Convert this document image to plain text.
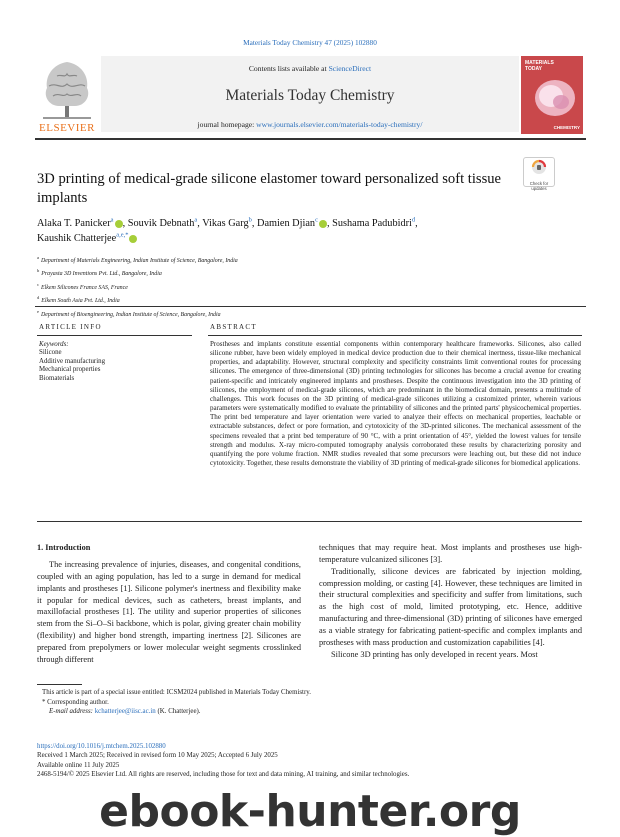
Materials Today Chemistry 47 (2025) 102880
ELSEVIER
Contents lists available at ScienceDirect
Materials Today Chemistry
journal homepage: www.journals.elsevier.com/materials-today-chemistry/
MATERIALS
TODAY
CHEMISTRY
3D printing of medical-grade silicone elastomer toward personalized soft tissue implants
Check for updates
Alaka T. Panicker$^a$ , Souvik Debnath$^a$, Vikas Garg$^b$, Damien Djian$^c$ , Sushama Padubidri$^d$,
Kaushik Chatterjee$^{a,e,*}$
$^a$Department of Materials Engineering, Indian Institute of Science, Bangalore, India
$^b$Prayasta 3D Inventions Pvt. Ltd., Bangalore, India
$^c$Elkem Silicones France SAS, France
$^d$Elkem South Asia Pvt. Ltd., India
$^e$Department of Bioengineering, Indian Institute of Science, Bangalore, India
ARTICLE INFO	ABSTRACT
Keywords:
Silicone
Additive manufacturing
Mechanical properties
Biomaterials
Prostheses and implants constitute essential components within contemporary healthcare frameworks. Silicones, also called silicone rubber, have been widely employed in medical device production due to their chemical inertness, tissue-like mechanical properties, and adaptability. However, structural complexity and specificity constraints limit conventional routes for processing silicones. The emergence of three-dimensional (3D) printing technologies for silicones has become a crucial avenue for creating patient-specific and intricately engineered implants and prostheses. Despite the continuous investigation into the 3D printing of silicones, the employment of medical-grade silicones, which are predominant in the biomedical domain, presents a multitude of challenges. This work focuses on the 3D printing of medical-grade silicones utilizing a customized printer, wherein various parameters were systematically modified to evaluate the printability of silicones and the printed parts' physicochemical properties. The print bed temperature and layer orientation were varied to analyze their effects on mechanical properties, leachable or extractable substances, defect or pore formation, and cytotoxicity of the 3D-printed silicones. The mechanical assessment of the specimens revealed that a print bed temperature of 90 °C, with a print orientation of 45°, yielded the lowest values for tensile strength and modulus. X-ray micro-computed tomography analysis corroborated these results by characterizing porosity and quantifying the pore volume fraction. NMR studies revealed that some precursors were leaching out, but these did not induce cytotoxicity. Together, these results demonstrate the viability of 3D printing of medical-grade silicones for biomedical applications.
1. Introduction

The increasing prevalence of injuries, diseases, and congenital conditions, coupled with an aging population, has led to a surge in demand for medical implants and prostheses [1]. Silicone polymer's inertness and flexibility make it popular for medical devices, such as catheters, breast implants, and maxillofacial prostheses [1]. The utility and superior properties of silicones stem from the Si–O–Si backbone, which is polar, giving greater chain mobility (flexibility) and higher bond strength, imparting inertness [2]. Silicones are prepared from prepolymers or lower molecular weight segments crosslinked through different

techniques that may require heat. Most implants and prostheses use high-temperature vulcanized silicones [3].

Traditionally, silicone devices are fabricated by injection molding, compression molding, or casting [4]. However, these techniques are limited in their structural complexities and specificity and suffer from limitations, such as the high cost of mold, limited prototyping, etc. Hence, additive manufacturing and three-dimensional (3D) printing of silicones have emerged as a viable strategy for fabricating patient-specific and complex implants and prostheses with mass production and customization capabilities [4].

Silicone 3D printing has only developed in recent years. Most

This article is part of a special issue entitled: ICSM2024 published in Materials Today Chemistry.
* Corresponding author.
E-mail address: kchatterjee@iisc.ac.in (K. Chatterjee).
https://doi.org/10.1016/j.mtchem.2025.102880
Received 1 March 2025; Received in revised form 10 May 2025; Accepted 6 July 2025
Available online 11 July 2025
2468-5194/© 2025 Elsevier Ltd. All rights are reserved, including those for text and data mining, AI training, and similar technologies.
ebook-hunter.org
